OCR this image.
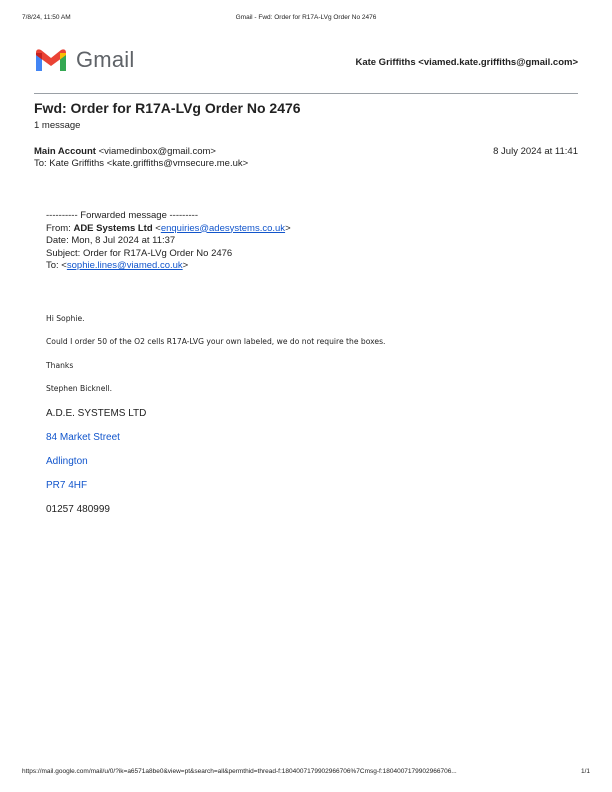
7/8/24, 11:50 AM	Gmail - Fwd: Order for R17A-LVg Order No 2476
Gmail	Kate Griffiths <viamed.kate.griffiths@gmail.com>
Fwd: Order for R17A-LVg Order No 2476
1 message
Main Account <viamedinbox@gmail.com>	8 July 2024 at 11:41
To: Kate Griffiths <kate.griffiths@vmsecure.me.uk>
---------- Forwarded message ---------
From: ADE Systems Ltd <enquiries@adesystems.co.uk>
Date: Mon, 8 Jul 2024 at 11:37
Subject: Order for R17A-LVg Order No 2476
To: <sophie.lines@viamed.co.uk>
Hi Sophie.
Could I order 50 of the O2 cells R17A-LVG your own labeled, we do not require the boxes.
Thanks
Stephen Bicknell.
A.D.E. SYSTEMS LTD
84 Market Street
Adlington
PR7 4HF
01257 480999
https://mail.google.com/mail/u/0/?ik=a6571a8be0&view=pt&search=all&permthid=thread-f:1804007179902966706%7Cmsg-f:1804007179902966706...	1/1
